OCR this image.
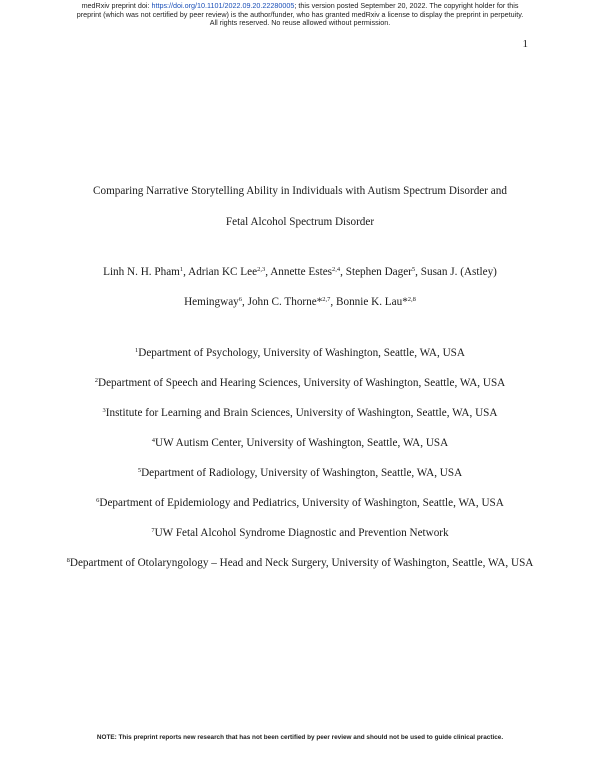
medRxiv preprint doi: https://doi.org/10.1101/2022.09.20.22280005; this version posted September 20, 2022. The copyright holder for this
preprint (which was not certified by peer review) is the author/funder, who has granted medRxiv a license to display the preprint in perpetuity.
All rights reserved. No reuse allowed without permission.
1
Comparing Narrative Storytelling Ability in Individuals with Autism Spectrum Disorder and
Fetal Alcohol Spectrum Disorder
Linh N. H. Pham$^1$, Adrian KC Lee$^{2,3}$, Annette Estes$^{2,4}$, Stephen Dager$^5$, Susan J. (Astley)
Hemingway$^6$, John C. Thorne*$^{2,7}$, Bonnie K. Lau*$^{2,8}$
$^1$Department of Psychology, University of Washington, Seattle, WA, USA
$^2$Department of Speech and Hearing Sciences, University of Washington, Seattle, WA, USA
$^3$Institute for Learning and Brain Sciences, University of Washington, Seattle, WA, USA
$^4$UW Autism Center, University of Washington, Seattle, WA, USA
$^5$Department of Radiology, University of Washington, Seattle, WA, USA
$^6$Department of Epidemiology and Pediatrics, University of Washington, Seattle, WA, USA
$^7$UW Fetal Alcohol Syndrome Diagnostic and Prevention Network
$^8$Department of Otolaryngology – Head and Neck Surgery, University of Washington, Seattle, WA, USA
NOTE: This preprint reports new research that has not been certified by peer review and should not be used to guide clinical practice.
